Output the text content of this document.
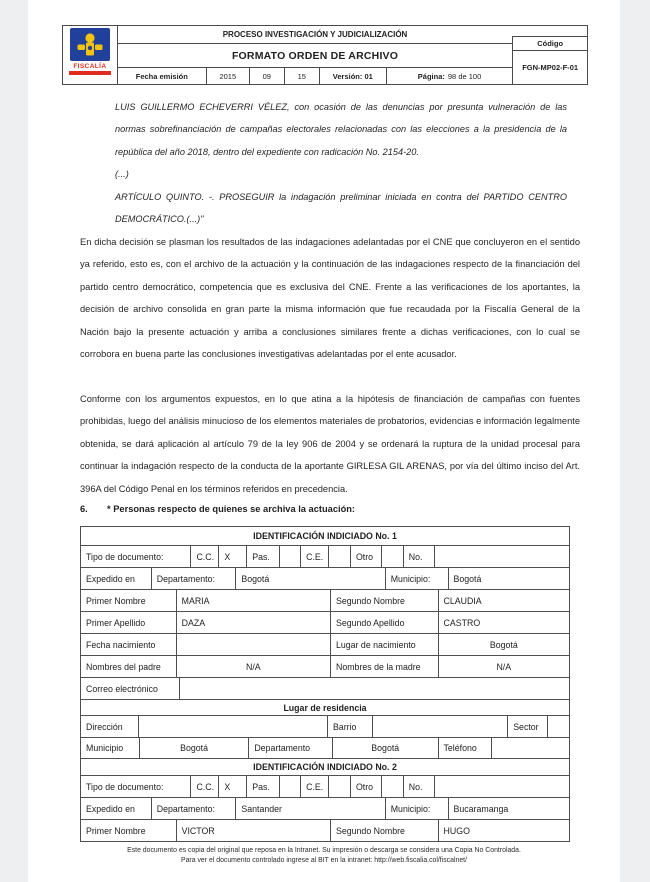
FISCALÍA
PROCESO INVESTIGACIÓN Y JUDICIALIZACIÓN
FORMATO ORDEN DE ARCHIVO
Fecha emisión	2015	09	15	Versión: 01	Página: 98 de 100
Código
FGN-MP02-F-01
LUIS GUILLERMO ECHEVERRI VÉLEZ, con ocasión de las denuncias por presunta vulneración de las normas sobrefinanciación de campañas electorales relacionadas con las elecciones a la presidencia de la república del año 2018, dentro del expediente con radicación No. 2154-20.
(...)
ARTÍCULO QUINTO. -. PROSEGUIR la indagación preliminar iniciada en contra del PARTIDO CENTRO DEMOCRÁTICO.(...)"
En dicha decisión se plasman los resultados de las indagaciones adelantadas por el CNE que concluyeron en el sentido ya referido, esto es, con el archivo de la actuación y la continuación de las indagaciones respecto de la financiación del partido centro democrático, competencia que es exclusiva del CNE. Frente a las verificaciones de los aportantes, la decisión de archivo consolida en gran parte la misma información que fue recaudada por la Fiscalía General de la Nación bajo la presente actuación y arriba a conclusiones similares frente a dichas verificaciones, con lo cual se corrobora en buena parte las conclusiones investigativas adelantadas por el ente acusador.
Conforme con los argumentos expuestos, en lo que atina a la hipótesis de financiación de campañas con fuentes prohibidas, luego del análisis minucioso de los elementos materiales de probatorios, evidencias e información legalmente obtenida, se dará aplicación al artículo 79 de la ley 906 de 2004 y se ordenará la ruptura de la unidad procesal para continuar la indagación respecto de la conducta de la aportante GIRLESA GIL ARENAS, por vía del último inciso del Art. 396A del Código Penal en los términos referidos en precedencia.
6.	* Personas respecto de quienes se archiva la actuación:
IDENTIFICACIÓN INDICIADO No. 1
Tipo de documento:	C.C.	X	Pas.	C.E.	Otro	No.
Expedido en	Departamento:	Bogotá	Municipio:	Bogotá
Primer Nombre	MARIA	Segundo Nombre	CLAUDIA
Primer Apellido	DAZA	Segundo Apellido	CASTRO
Fecha nacimiento	Lugar de nacimiento	Bogotá
Nombres del padre	N/A	Nombres de la madre	N/A
Correo electrónico
Lugar de residencia
Dirección	Barrio	Sector
Municipio	Bogotá	Departamento	Bogotá	Teléfono
IDENTIFICACIÓN INDICIADO No. 2
Tipo de documento:	C.C.	X	Pas.	C.E.	Otro	No.
Expedido en	Departamento:	Santander	Municipio:	Bucaramanga
Primer Nombre	VICTOR	Segundo Nombre	HUGO
Este documento es copia del original que reposa en la Intranet. Su impresión o descarga se considera una Copia No Controlada.
Para ver el documento controlado ingrese al BIT en la intranet: http://web.fiscalia.col/fiscalnet/
